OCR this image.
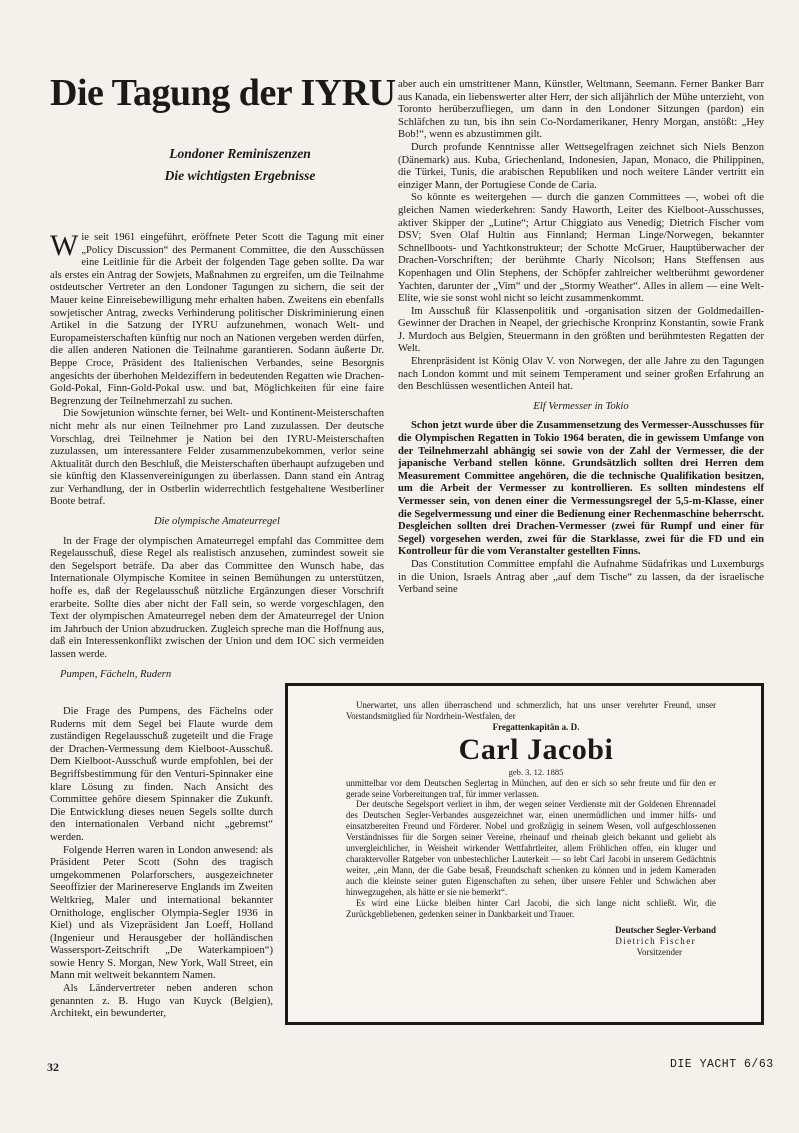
Die Tagung der IYRU

Londoner Reminiszenzen

Die wichtigsten Ergebnisse

Wie seit 1961 eingeführt, eröffnete Peter Scott die Tagung mit einer „Policy Discussion“ des Permanent Committee, die den Ausschüssen eine Leitlinie für die Arbeit der folgenden Tage geben sollte. Da war als erstes ein Antrag der Sowjets, Maßnahmen zu ergreifen, um die Teilnahme ostdeutscher Vertreter an den Londoner Tagungen zu sichern, die seit der Mauer keine Einreisebewilligung mehr erhalten haben. Zweitens ein ebenfalls sowjetischer Antrag, zwecks Verhinderung politischer Diskriminierung einen Artikel in die Satzung der IYRU aufzunehmen, wonach Welt- und Europameisterschaften künftig nur noch an Nationen vergeben werden dürfen, die allen anderen Nationen die Teilnahme garantieren. Sodann äußerte Dr. Beppe Croce, Präsident des Italienischen Verbandes, seine Besorgnis angesichts der überhohen Meldeziffern in bedeutenden Regatten wie Drachen-Gold-Pokal, Finn-Gold-Pokal usw. und bat, Möglichkeiten für eine faire Begrenzung der Teilnehmerzahl zu suchen.

Die Sowjetunion wünschte ferner, bei Welt- und Kontinent-Meisterschaften nicht mehr als nur einen Teilnehmer pro Land zuzulassen. Der deutsche Vorschlag, drei Teilnehmer je Nation bei den IYRU-Meisterschaften zuzulassen, um interessantere Felder zusammenzubekommen, verlor seine Aktualität durch den Beschluß, die Meisterschaften überhaupt aufzugeben und sie künftig den Klassenvereinigungen zu überlassen. Dann stand ein Antrag zur Verhandlung, der in Ostberlin widerrechtlich festgehaltene Westberliner Boote betraf.

Die olympische Amateurregel

In der Frage der olympischen Amateurregel empfahl das Committee dem Regelausschuß, diese Regel als realistisch anzusehen, zumindest soweit sie den Segelsport beträfe. Da aber das Committee den Wunsch habe, das Internationale Olympische Komitee in seinen Bemühungen zu unterstützen, hoffe es, daß der Regelausschuß nützliche Ergänzungen dieser Vorschrift erarbeite. Sollte dies aber nicht der Fall sein, so werde vorgeschlagen, den Text der olympischen Amateurregel neben dem der Amateurregel der Union im Jahrbuch der Union abzudrucken. Zugleich spreche man die Hoffnung aus, daß ein Interessenkonflikt zwischen der Union und dem IOC sich vermeiden lassen werde.

Pumpen, Fächeln, Rudern

Die Frage des Pumpens, des Fächelns oder Ruderns mit dem Segel bei Flaute wurde dem zuständigen Regelausschuß zugeteilt und die Frage der Drachen-Vermessung dem Kielboot-Ausschuß. Dem Kielboot-Ausschuß wurde empfohlen, bei der Begriffsbestimmung für den Venturi-Spinnaker eine klare Lösung zu finden. Nach Ansicht des Committee gehöre diesem Spinnaker die Zukunft. Die Entwicklung dieses neuen Segels sollte durch den internationalen Verband nicht „gebremst“ werden.

Folgende Herren waren in London anwesend: als Präsident Peter Scott (Sohn des tragisch umgekommenen Polarforschers, ausgezeichneter Seeoffizier der Marinereserve Englands im Zweiten Weltkrieg, Maler und international bekannter Ornithologe, englischer Olympia-Segler 1936 in Kiel) und als Vizepräsident Jan Loeff, Holland (Ingenieur und Herausgeber der holländischen Wassersport-Zeitschrift „De Waterkampioen“) sowie Henry S. Morgan, New York, Wall Street, ein Mann mit weltweit bekanntem Namen.

Als Ländervertreter neben anderen schon genannten z. B. Hugo van Kuyck (Belgien), Architekt, ein bewunderter,

aber auch ein umstrittener Mann, Künstler, Weltmann, Seemann. Ferner Banker Barr aus Kanada, ein liebenswerter alter Herr, der sich alljährlich der Mühe unterzieht, von Toronto herüberzufliegen, um dann in den Londoner Sitzungen (pardon) ein Schläfchen zu tun, bis ihn sein Co-Nordamerikaner, Henry Morgan, anstößt: „Hey Bob!“, wenn es abzustimmen gilt.

Durch profunde Kenntnisse aller Wettsegelfragen zeichnet sich Niels Benzon (Dänemark) aus. Kuba, Griechenland, Indonesien, Japan, Monaco, die Philippinen, die Türkei, Tunis, die arabischen Republiken und noch weitere Länder vertritt ein einziger Mann, der Portugiese Conde de Caria.

So könnte es weitergehen — durch die ganzen Committees —, wobei oft die gleichen Namen wiederkehren: Sandy Haworth, Leiter des Kielboot-Ausschusses, aktiver Skipper der „Lutine“; Artur Chiggiato aus Venedig; Dietrich Fischer vom DSV; Sven Olaf Hultin aus Finnland; Herman Linge/Norwegen, bekannter Schnellboots- und Yachtkonstrukteur; der Schotte McGruer, Hauptüberwacher der Drachen-Vorschriften; der berühmte Charly Nicolson; Hans Steffensen aus Kopenhagen und Olin Stephens, der Schöpfer zahlreicher weltberühmt gewordener Yachten, darunter der „Vim“ und der „Stormy Weather“. Alles in allem — eine Welt-Elite, wie sie sonst wohl nicht so leicht zusammenkommt.

Im Ausschuß für Klassenpolitik und -organisation sitzen der Goldmedaillen-Gewinner der Drachen in Neapel, der griechische Kronprinz Konstantin, sowie Frank J. Murdoch aus Belgien, Steuermann in den größten und berühmtesten Regatten der Welt.

Ehrenpräsident ist König Olav V. von Norwegen, der alle Jahre zu den Tagungen nach London kommt und mit seinem Temperament und seiner großen Erfahrung an den Beschlüssen wesentlichen Anteil hat.

Elf Vermesser in Tokio

Schon jetzt wurde über die Zusammensetzung des Vermesser-Ausschusses für die Olympischen Regatten in Tokio 1964 beraten, die in gewissem Umfange von der Teilnehmerzahl abhängig sei sowie von der Zahl der Vermesser, die der japanische Verband stellen könne. Grundsätzlich sollten drei Herren dem Measurement Committee angehören, die die technische Qualifikation besitzen, um die Arbeit der Vermesser zu kontrollieren. Es sollten mindestens elf Vermesser sein, von denen einer die Vermessungsregel der 5,5-m-Klasse, einer die Segelvermessung und einer die Bedienung einer Rechenmaschine beherrscht. Desgleichen sollten drei Drachen-Vermesser (zwei für Rumpf und einer für Segel) vorgesehen werden, zwei für die Starklasse, zwei für die FD und ein Kontrolleur für die vom Veranstalter gestellten Finns.

Das Constitution Committee empfahl die Aufnahme Südafrikas und Luxemburgs in die Union, Israels Antrag aber „auf dem Tische“ zu lassen, da der israelische Verband seine

Unerwartet, uns allen überraschend und schmerzlich, hat uns unser verehrter Freund, unser Vorstandsmitglied für Nordrhein-Westfalen, der

Fregattenkapitän a. D.

Carl Jacobi

geb. 3. 12. 1885

unmittelbar vor dem Deutschen Seglertag in München, auf den er sich so sehr freute und für den er gerade seine Vorbereitungen traf, für immer verlassen.

Der deutsche Segelsport verliert in ihm, der wegen seiner Verdienste mit der Goldenen Ehrennadel des Deutschen Segler-Verbandes ausgezeichnet war, einen unermüdlichen und immer hilfs- und einsatzbereiten Freund und Förderer. Nobel und großzügig in seinem Wesen, voll aufgeschlossenen Verständnisses für die Sorgen seiner Vereine, rheinauf und rheinab gleich bekannt und geliebt als unvergleichlicher, in Weisheit wirkender Wettfahrtleiter, allem Fröhlichen offen, ein kluger und charaktervoller Ratgeber von unbestechlicher Lauterkeit — so lebt Carl Jacobi in unserem Gedächtnis weiter, „ein Mann, der die Gabe besaß, Freundschaft schenken zu können und in jedem Kameraden auch die kleinste seiner guten Eigenschaften zu sehen, über unsere Fehler und Schwächen aber hinwegzugehen, als hätte er sie nie bemerkt“.

Es wird eine Lücke bleiben hinter Carl Jacobi, die sich lange nicht schließt. Wir, die Zurückgebliebenen, gedenken seiner in Dankbarkeit und Trauer.

Deutscher Segler-Verband
Dietrich Fischer
Vorsitzender
32	DIE YACHT 6/63
